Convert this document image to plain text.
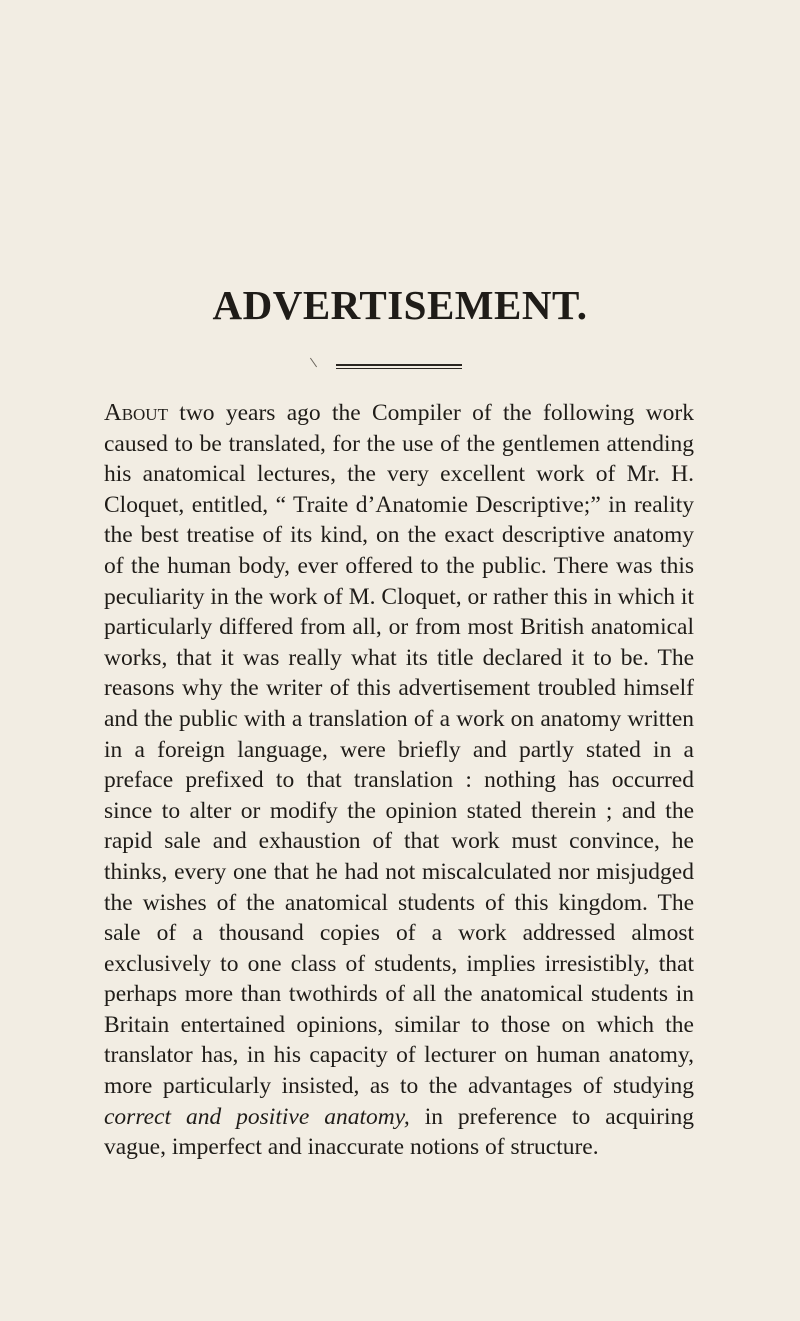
ADVERTISEMENT.

About two years ago the Compiler of the following work caused to be translated, for the use of the gentlemen attending his anatomical lectures, the very excellent work of Mr. H. Cloquet, entitled, “ Traite d’Anatomie Descriptive;” in reality the best treatise of its kind, on the exact descriptive anatomy of the human body, ever offered to the public. There was this peculiarity in the work of M. Cloquet, or rather this in which it particularly differed from all, or from most British anatomical works, that it was really what its title declared it to be. The reasons why the writer of this advertisement troubled himself and the public with a translation of a work on anatomy written in a foreign language, were briefly and partly stated in a preface prefixed to that translation : nothing has occurred since to alter or modify the opinion stated therein ; and the rapid sale and exhaustion of that work must convince, he thinks, every one that he had not miscalculated nor misjudged the wishes of the anatomical students of this kingdom. The sale of a thousand copies of a work addressed almost exclusively to one class of students, implies irresistibly, that perhaps more than twothirds of all the anatomical students in Britain entertained opinions, similar to those on which the translator has, in his capacity of lecturer on human anatomy, more particularly insisted, as to the advantages of studying correct and positive anatomy, in preference to acquiring vague, imperfect and inaccurate notions of structure.
